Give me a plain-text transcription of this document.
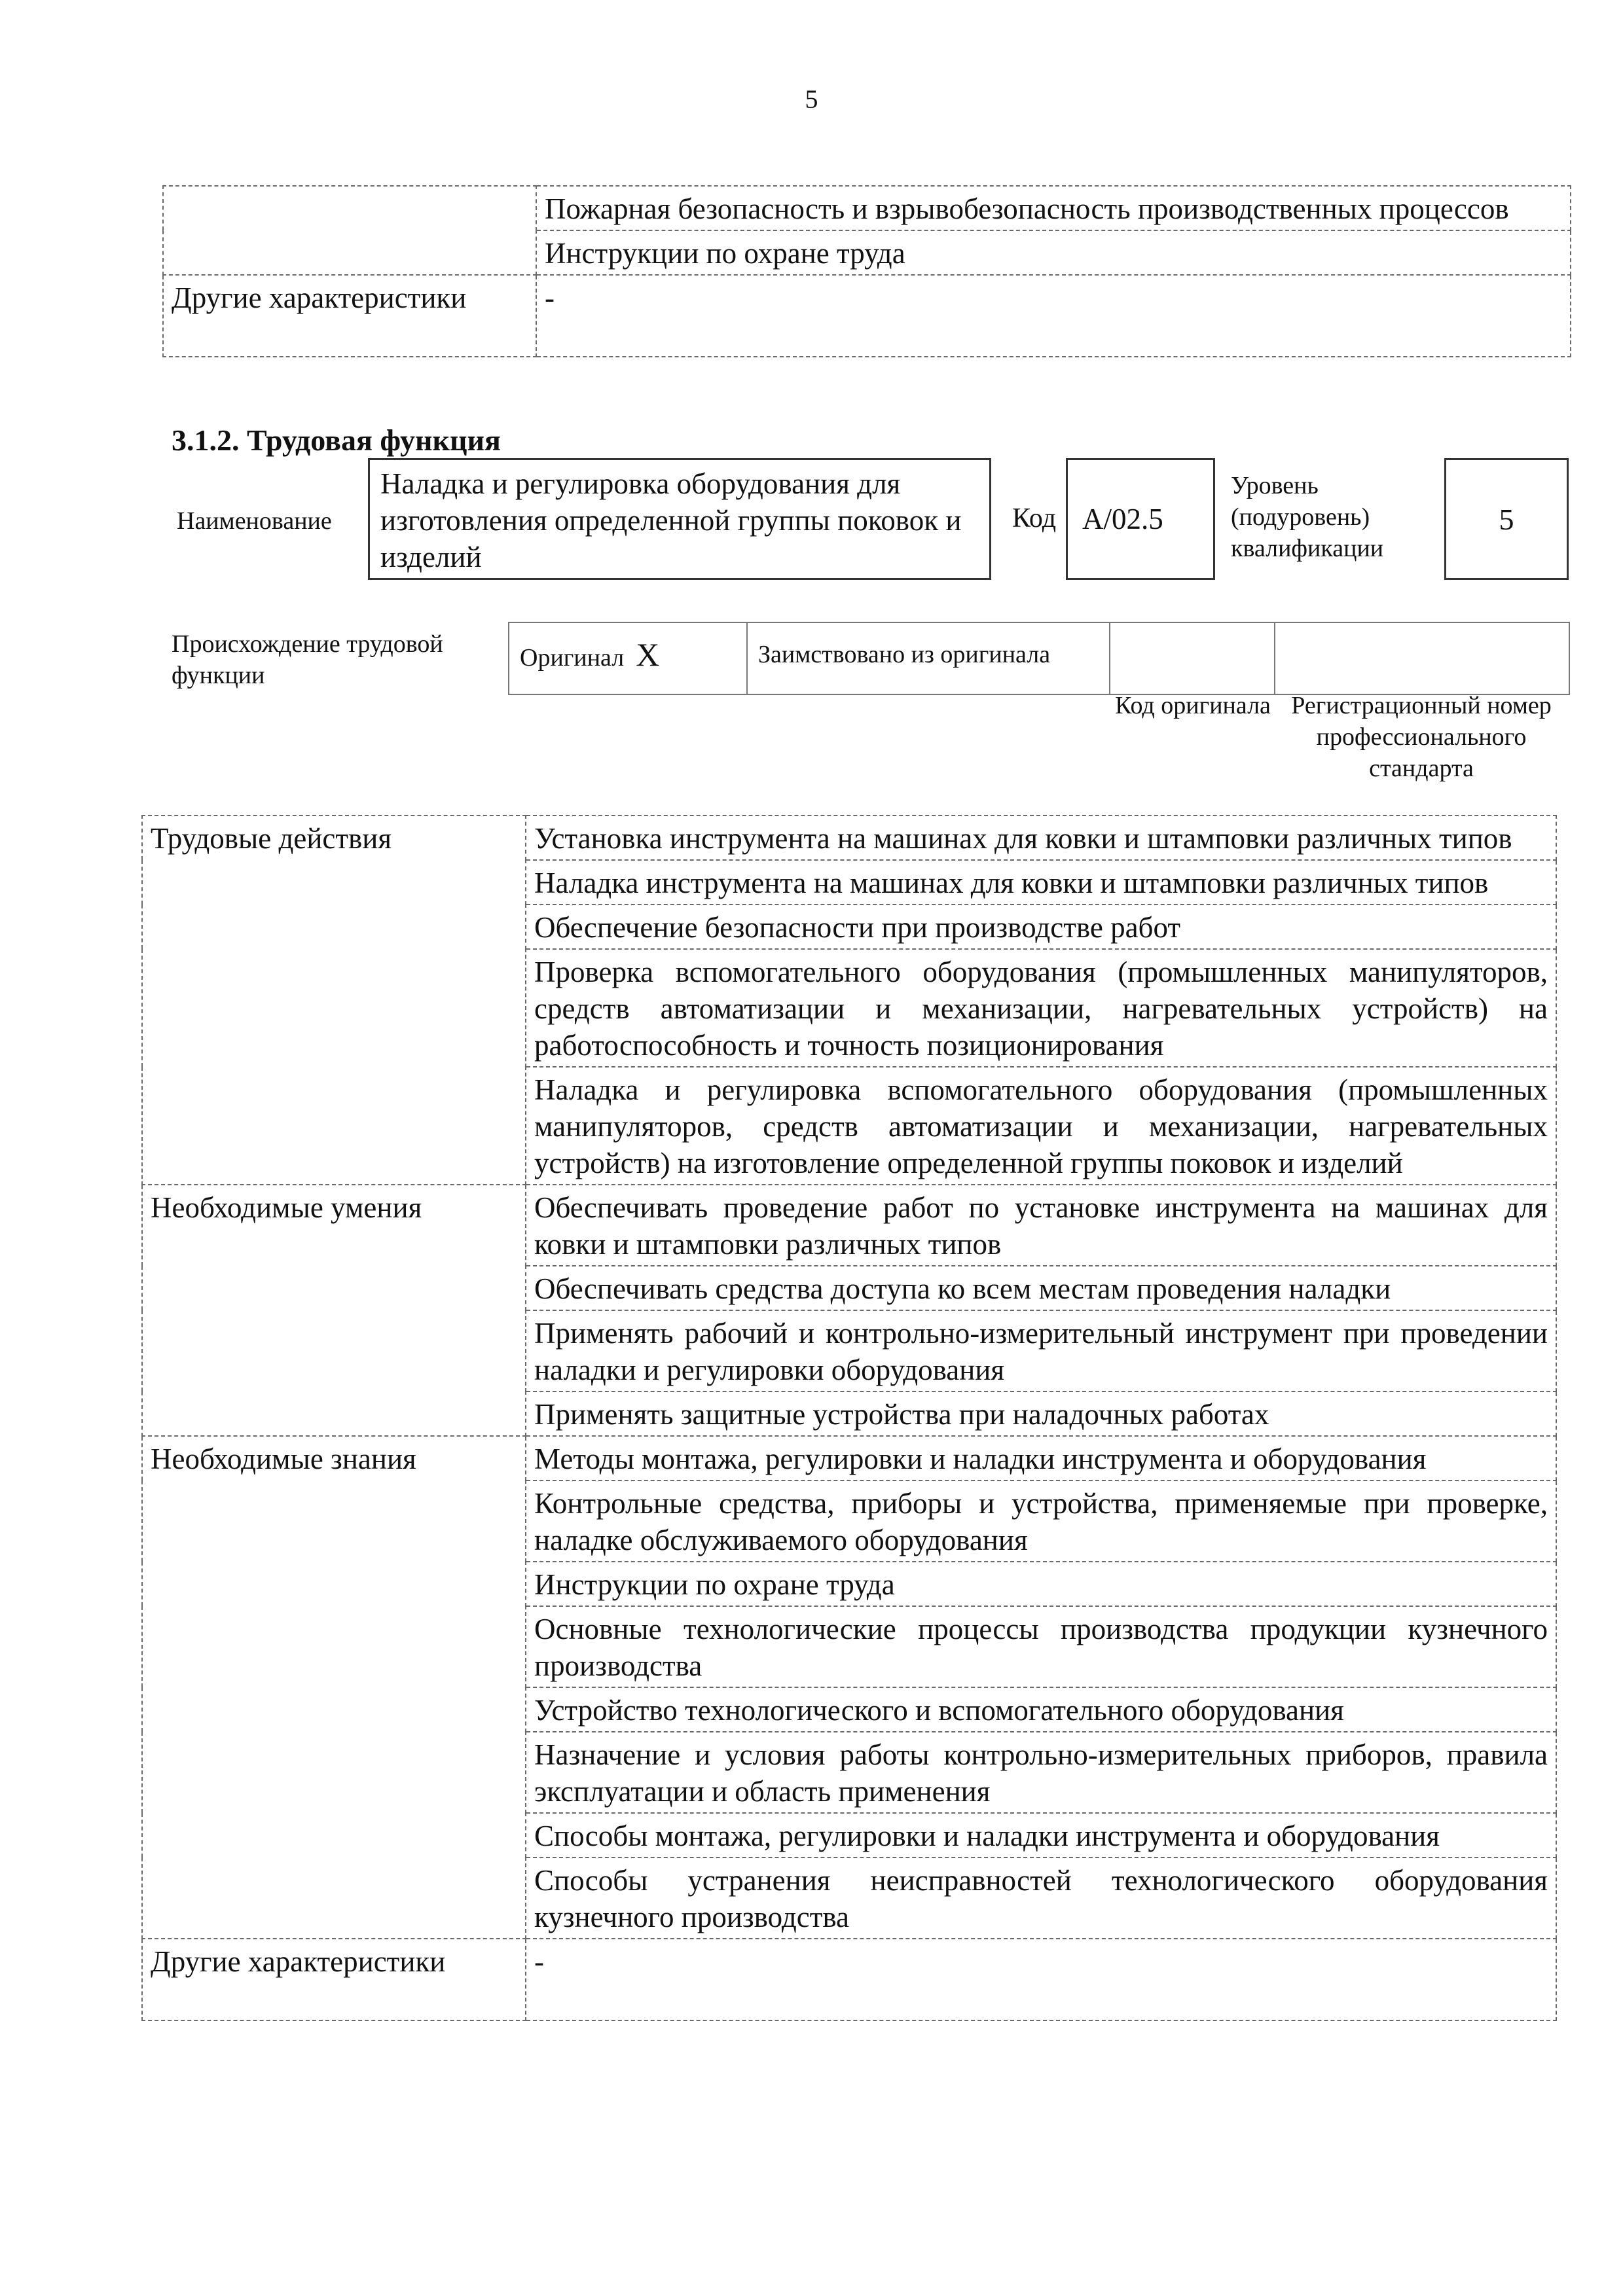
5
	Пожарная безопасность и взрывобезопасность производственных процессов
	Инструкции по охране труда
Другие характеристики	-
3.1.2. Трудовая функция
Наименование
Наладка и регулировка оборудования для изготовления определенной группы поковок и изделий
Код А/02.5
Уровень (подуровень) квалификации
5
Происхождение трудовой функции
Оригинал X	Заимствовано из оригинала		
Код оригинала Регистрационный номер профессионального стандарта
Трудовые действия	Установка инструмента на машинах для ковки и штамповки различных типов
	Наладка инструмента на машинах для ковки и штамповки различных типов
	Обеспечение безопасности при производстве работ
	Проверка вспомогательного оборудования (промышленных манипуляторов, средств автоматизации и механизации, нагревательных устройств) на работоспособность и точность позиционирования
	Наладка и регулировка вспомогательного оборудования (промышленных манипуляторов, средств автоматизации и механизации, нагревательных устройств) на изготовление определенной группы поковок и изделий
Необходимые умения	Обеспечивать проведение работ по установке инструмента на машинах для ковки и штамповки различных типов
	Обеспечивать средства доступа ко всем местам проведения наладки
	Применять рабочий и контрольно-измерительный инструмент при проведении наладки и регулировки оборудования
	Применять защитные устройства при наладочных работах
Необходимые знания	Методы монтажа, регулировки и наладки инструмента и оборудования
	Контрольные средства, приборы и устройства, применяемые при проверке, наладке обслуживаемого оборудования
	Инструкции по охране труда
	Основные технологические процессы производства продукции кузнечного производства
	Устройство технологического и вспомогательного оборудования
	Назначение и условия работы контрольно-измерительных приборов, правила эксплуатации и область применения
	Способы монтажа, регулировки и наладки инструмента и оборудования
	Способы устранения неисправностей технологического оборудования кузнечного производства
Другие характеристики	-
